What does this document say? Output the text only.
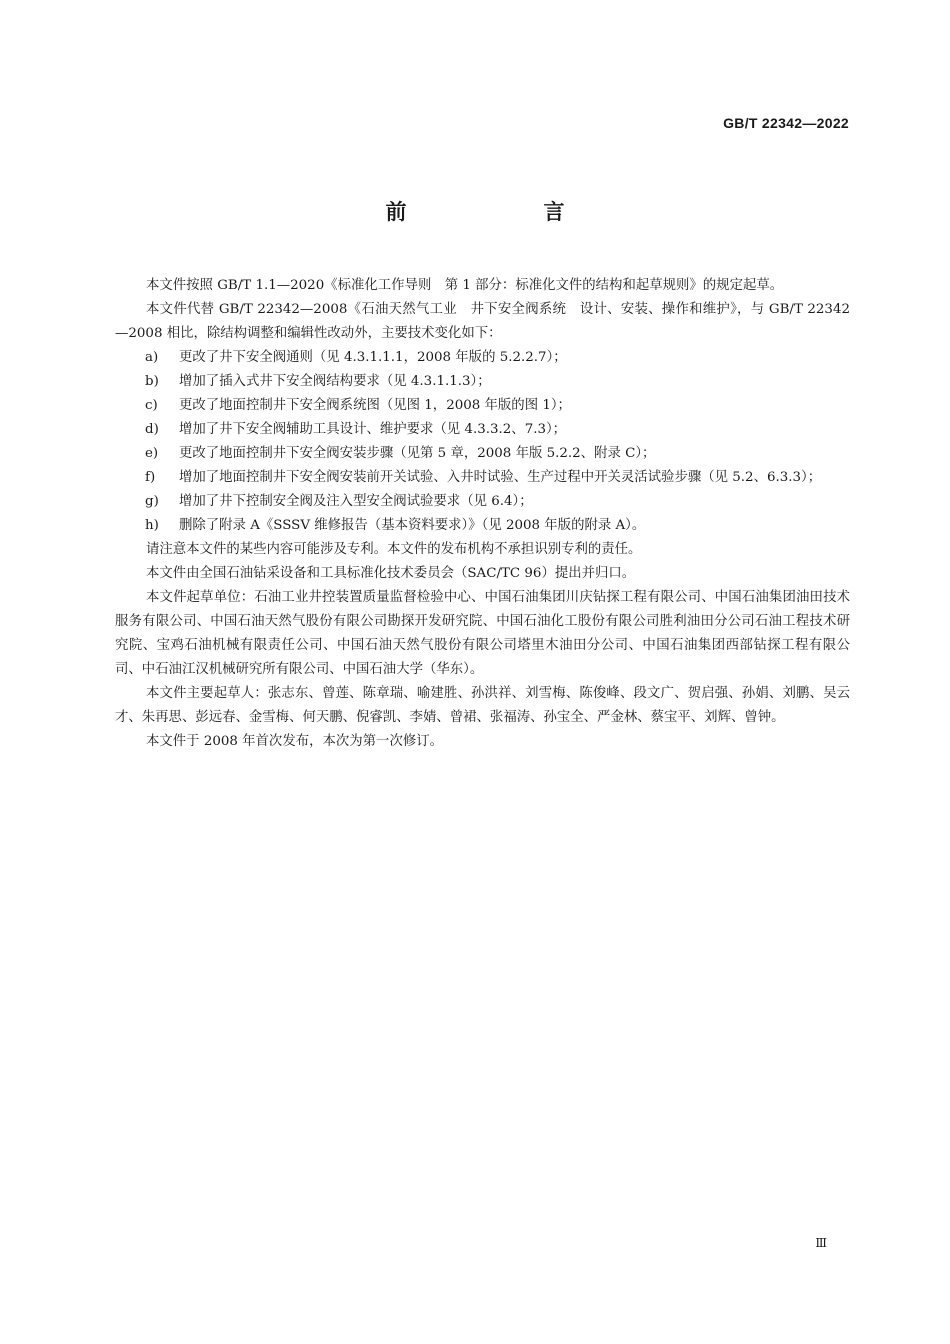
GB/T 22342—2022
前　言

本文件按照 GB/T 1.1—2020《标准化工作导则　第 1 部分：标准化文件的结构和起草规则》的规定起草。

本文件代替 GB/T 22342—2008《石油天然气工业　井下安全阀系统　设计、安装、操作和维护》，与 GB/T 22342—2008 相比，除结构调整和编辑性改动外，主要技术变化如下：

a) 更改了井下安全阀通则（见 4.3.1.1.1，2008 年版的 5.2.2.7）；
b) 增加了插入式井下安全阀结构要求（见 4.3.1.1.3）；
c) 更改了地面控制井下安全阀系统图（见图 1，2008 年版的图 1）；
d) 增加了井下安全阀辅助工具设计、维护要求（见 4.3.3.2、7.3）；
e) 更改了地面控制井下安全阀安装步骤（见第 5 章，2008 年版 5.2.2、附录 C）；
f) 增加了地面控制井下安全阀安装前开关试验、入井时试验、生产过程中开关灵活试验步骤（见 5.2、6.3.3）；
g) 增加了井下控制安全阀及注入型安全阀试验要求（见 6.4）；
h) 删除了附录 A《SSSV 维修报告（基本资料要求）》（见 2008 年版的附录 A）。

请注意本文件的某些内容可能涉及专利。本文件的发布机构不承担识别专利的责任。

本文件由全国石油钻采设备和工具标准化技术委员会（SAC/TC 96）提出并归口。

本文件起草单位：石油工业井控装置质量监督检验中心、中国石油集团川庆钻探工程有限公司、中国石油集团油田技术服务有限公司、中国石油天然气股份有限公司勘探开发研究院、中国石油化工股份有限公司胜利油田分公司石油工程技术研究院、宝鸡石油机械有限责任公司、中国石油天然气股份有限公司塔里木油田分公司、中国石油集团西部钻探工程有限公司、中石油江汉机械研究所有限公司、中国石油大学（华东）。

本文件主要起草人：张志东、曾莲、陈章瑞、喻建胜、孙洪祥、刘雪梅、陈俊峰、段文广、贺启强、孙娟、刘鹏、吴云才、朱再思、彭远春、金雪梅、何天鹏、倪睿凯、李婧、曾裙、张福涛、孙宝全、严金林、蔡宝平、刘辉、曾钟。

本文件于 2008 年首次发布，本次为第一次修订。

Ⅲ
